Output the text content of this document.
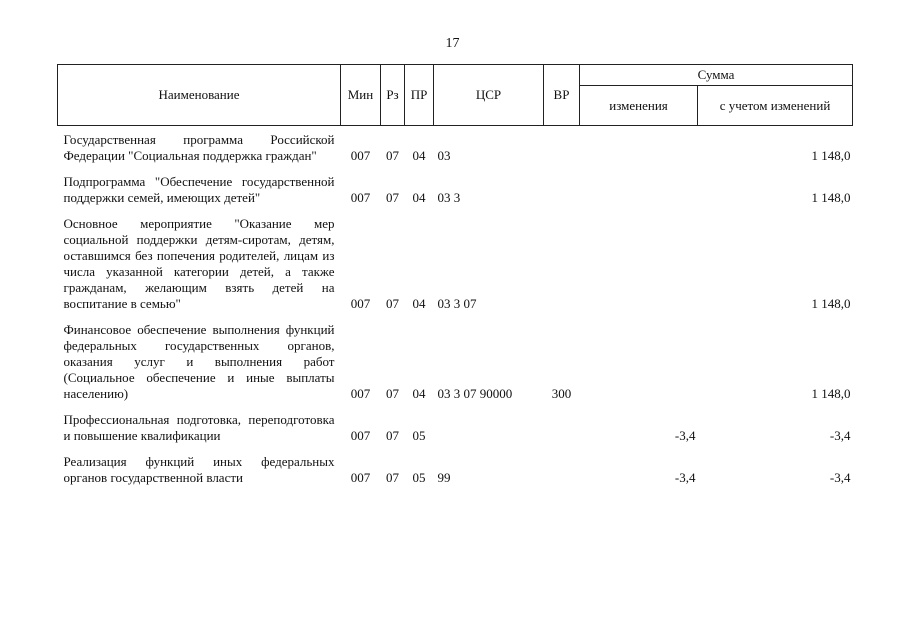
17
Наименование	Мин	Рз	ПР	ЦСР	ВР	Сумма	
						изменения	с учетом изменений
Государственная программа Российской Федерации "Социальная поддержка граждан"	007	07	04	03			1 148,0
Подпрограмма "Обеспечение государственной поддержки семей, имеющих детей"	007	07	04	03 3			1 148,0
Основное мероприятие "Оказание мер социальной поддержки детям-сиротам, детям, оставшимся без попечения родителей, лицам из числа указанной категории детей, а также гражданам, желающим взять детей на воспитание в семью"	007	07	04	03 3 07			1 148,0
Финансовое обеспечение выполнения функций федеральных государственных органов, оказания услуг и выполнения работ (Социальное обеспечение и иные выплаты населению)	007	07	04	03 3 07 90000	300		1 148,0
Профессиональная подготовка, переподготовка и повышение квалификации	007	07	05			-3,4	-3,4
Реализация функций иных федеральных органов государственной власти	007	07	05	99		-3,4	-3,4
